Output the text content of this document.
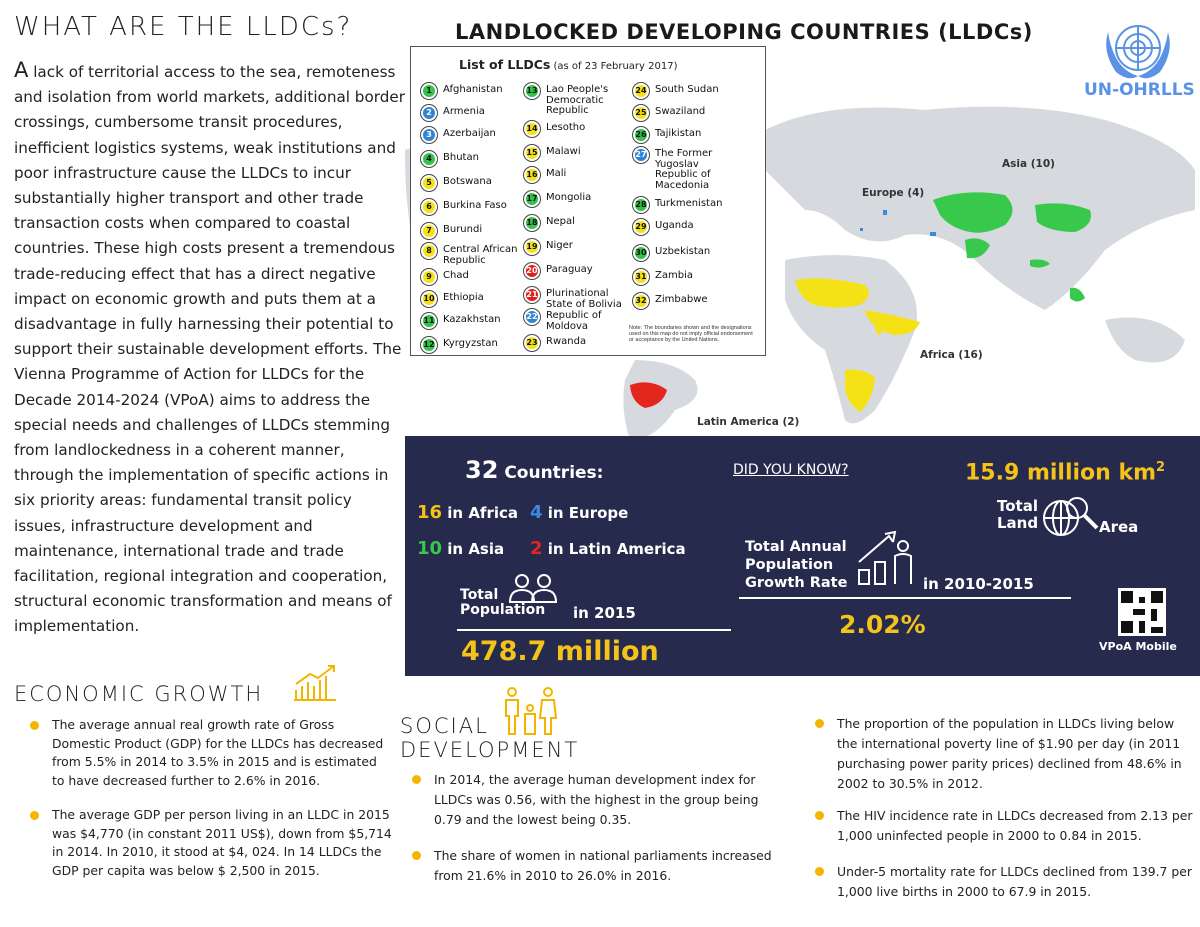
WHAT ARE THE LLDCs?
A lack of territorial access to the sea, remoteness and isolation from world markets, additional border crossings, cumbersome transit procedures, inefficient logistics systems, weak institutions and poor infrastructure cause the LLDCs to incur substantially higher transport and other trade transaction costs when compared to coastal countries. These high costs present a tremendous trade-reducing effect that has a direct negative impact on economic growth and puts them at a disadvantage in fully harnessing their potential to support their sustainable development efforts. The Vienna Programme of Action for LLDCs for the Decade 2014-2024 (VPoA) aims to address the special needs and challenges of LLDCs stemming from landlockedness in a coherent manner, through the implementation of specific actions in six priority areas: fundamental transit policy issues, infrastructure development and maintenance, international trade and trade facilitation, regional integration and cooperation, structural economic transformation and means of implementation.
LANDLOCKED DEVELOPING COUNTRIES (LLDCs)
UN-OHRLLS
Asia (10)
Europe (4)
Africa (16)
Latin America (2)
List of LLDCs (as of 23 February 2017)
1	Afghanistan
2	Armenia
3	Azerbaijan
4	Bhutan
5	Botswana
6	Burkina Faso
7	Burundi
8	Central African Republic
9	Chad
10 Ethiopia
11 Kazakhstan
12 Kyrgyzstan
13 Lao People's Democratic Republic
14 Lesotho
15 Malawi
16 Mali
17 Mongolia
18 Nepal
19 Niger
20 Paraguay
21 Plurinational State of Bolivia
22 Republic of Moldova
23 Rwanda
24 South Sudan
25 Swaziland
26 Tajikistan
27 The Former Yugoslav Republic of Macedonia
28 Turkmenistan
29 Uganda
30 Uzbekistan
31 Zambia
32 Zimbabwe
Note: The boundaries shown and the designations used on this map do not imply official endorsement or acceptance by the United Nations.
32 Countries:
16 in Africa 4 in Europe
10 in Asia 2 in Latin America
Total
Population in 2015
478.7 million
DID YOU KNOW?
Total Annual
Population
Growth Rate	in 2010-2015
2.02%
15.9 million $km^2$
Total
Land	Area
VPoA Mobile
ECONOMIC GROWTH
The average annual real growth rate of Gross
Domestic Product (GDP) for the LLDCs has decreased
from 5.5% in 2014 to 3.5% in 2015 and is estimated
to have decreased further to 2.6% in 2016.
The average GDP per person living in an LLDC in 2015
was $4,770 (in constant 2011 US$), down from $5,714
in 2014. In 2010, it stood at $4, 024. In 14 LLDCs the
GDP per capita was below $ 2,500 in 2015.
SOCIAL
DEVELOPMENT
In 2014, the average human development index for
LLDCs was 0.56, with the highest in the group being
0.79 and the lowest being 0.35.
The share of women in national parliaments increased
from 21.6% in 2010 to 26.0% in 2016.
The proportion of the population in LLDCs living below
the international poverty line of $1.90 per day (in 2011
purchasing power parity prices) declined from 48.6% in
2002 to 30.5% in 2012.
The HIV incidence rate in LLDCs decreased from 2.13 per
1,000 uninfected people in 2000 to 0.84 in 2015.
Under-5 mortality rate for LLDCs declined from 139.7 per
1,000 live births in 2000 to 67.9 in 2015.
